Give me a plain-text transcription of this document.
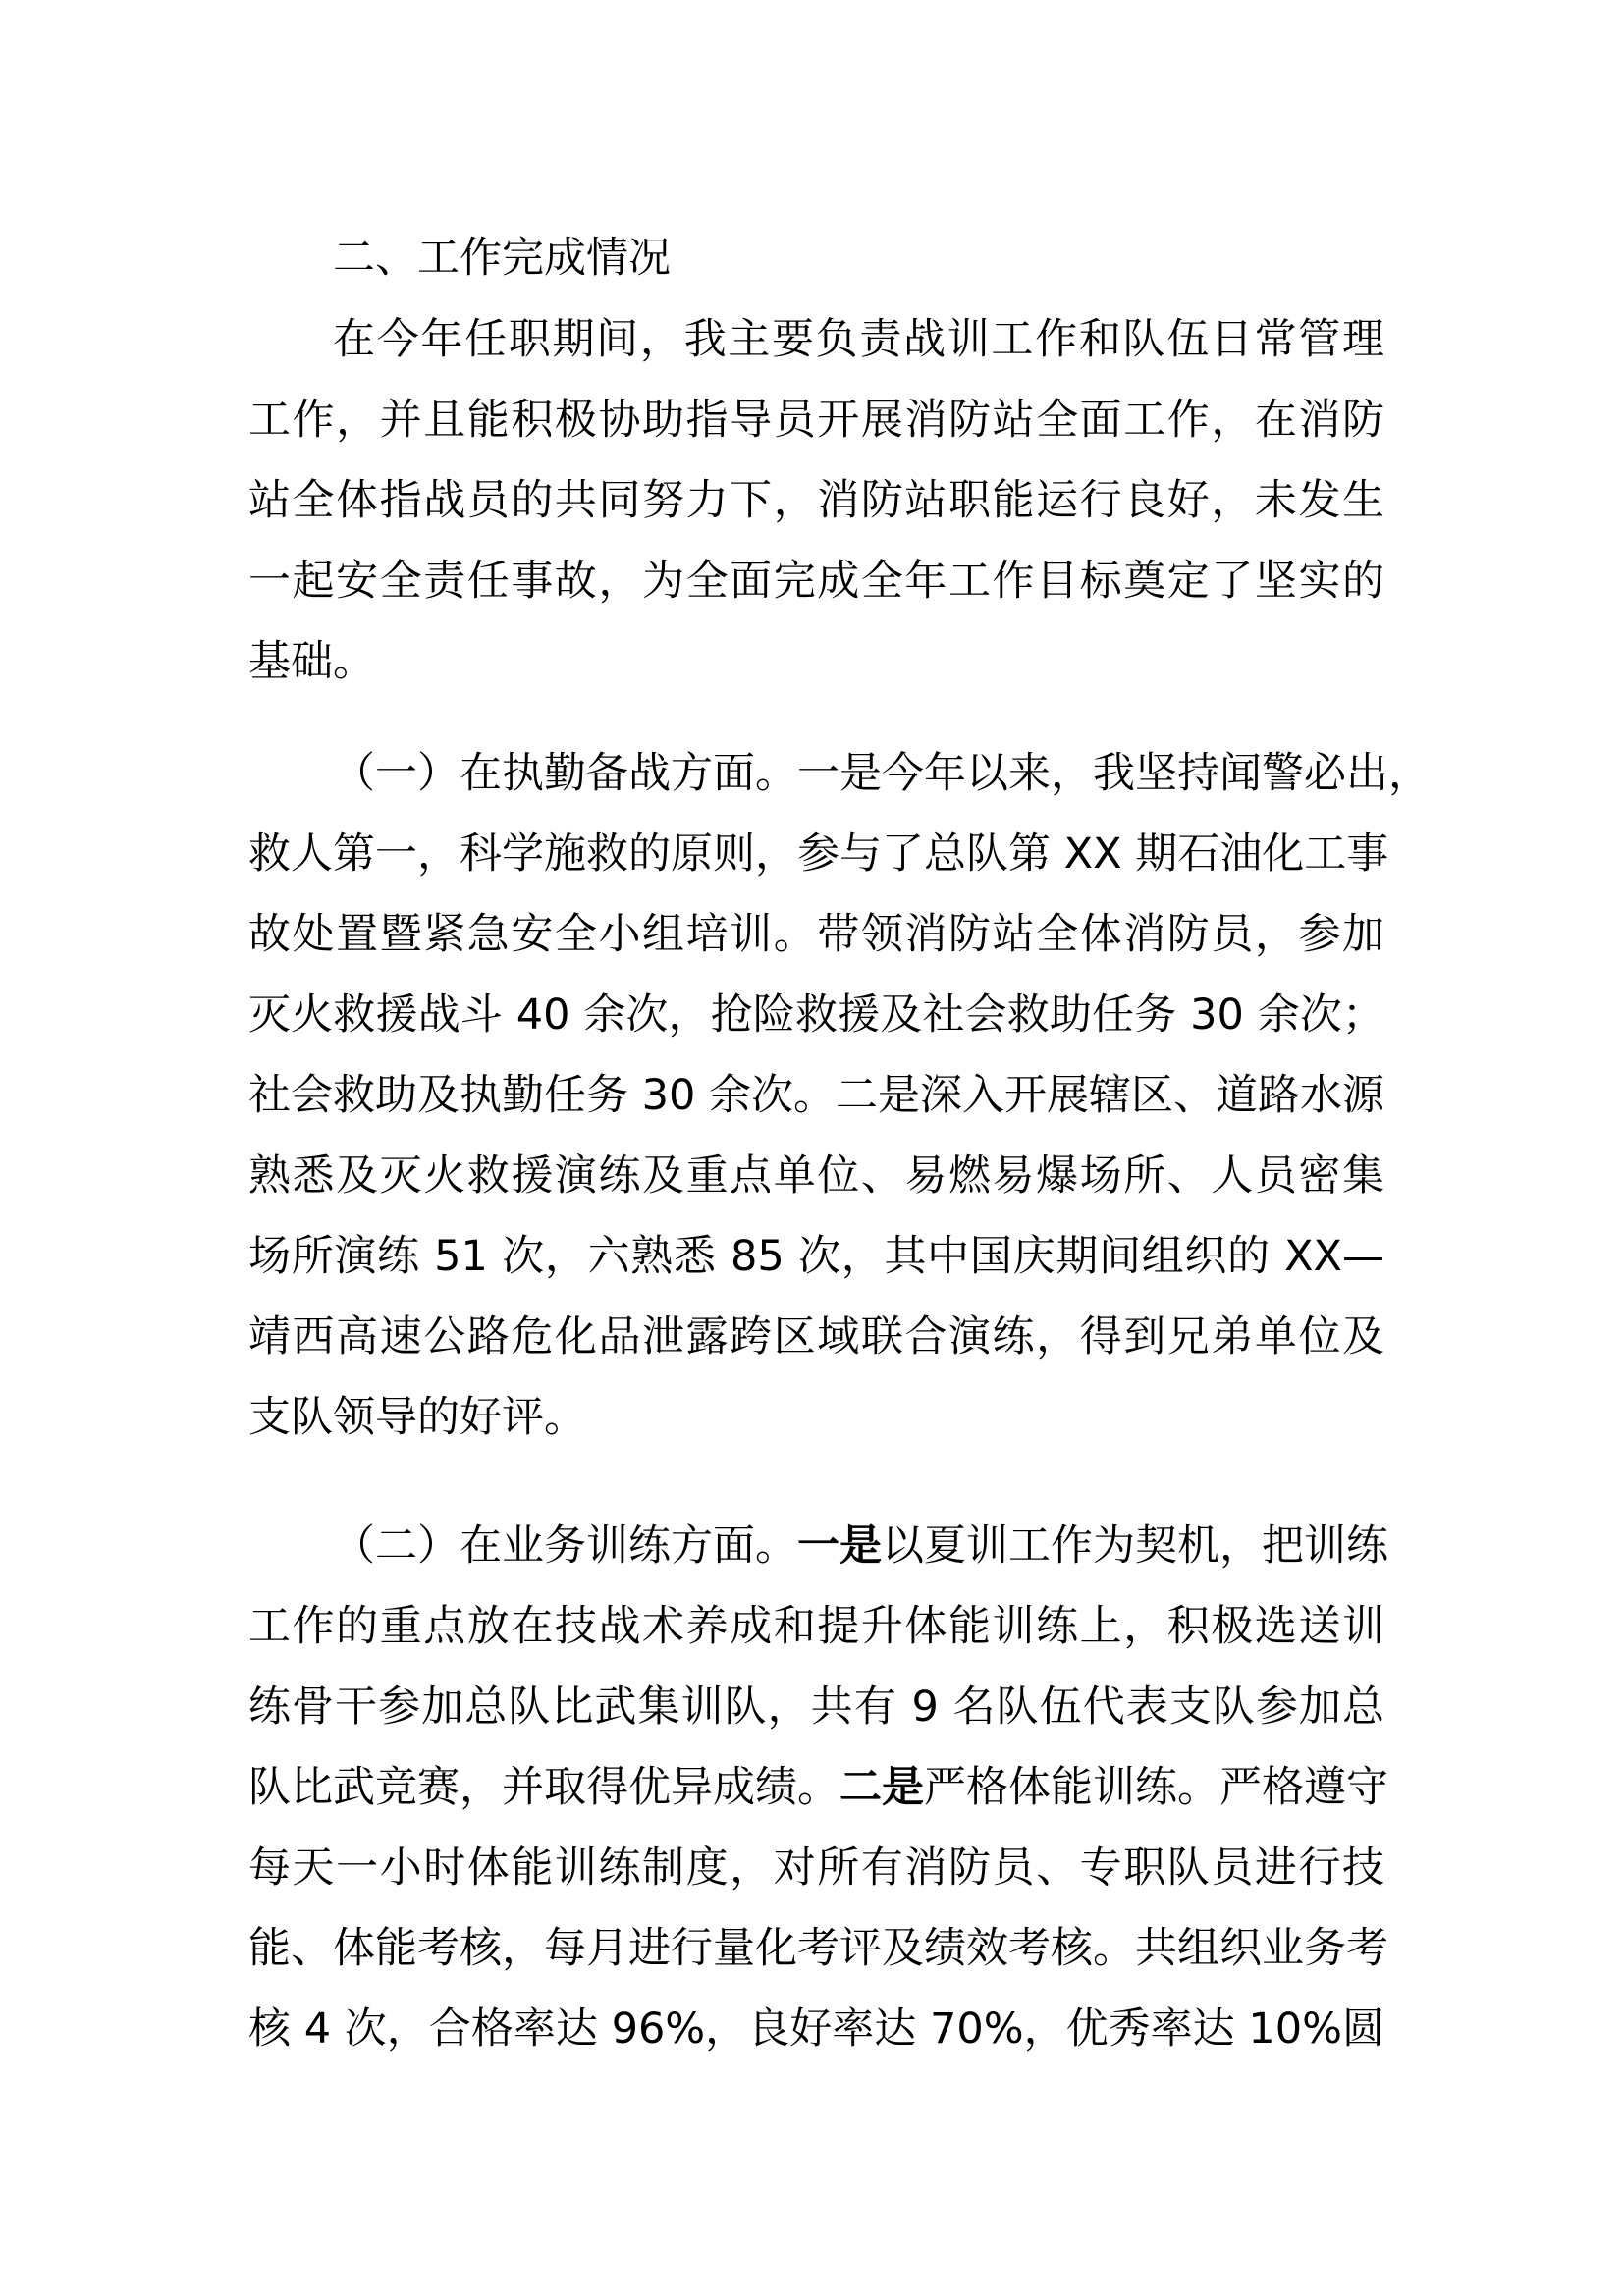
二、工作完成情况
在今年任职期间，我主要负责战训工作和队伍日常管理
工作，并且能积极协助指导员开展消防站全面工作，在消防
站全体指战员的共同努力下，消防站职能运行良好，未发生
一起安全责任事故，为全面完成全年工作目标奠定了坚实的
基础。
（一）在执勤备战方面。一是今年以来，我坚持闻警必出，
救人第一，科学施救的原则，参与了总队第 XX 期石油化工事
故处置暨紧急安全小组培训。带领消防站全体消防员，参加
灭火救援战斗 40 余次，抢险救援及社会救助任务 30 余次；
社会救助及执勤任务 30 余次。二是深入开展辖区、道路水源
熟悉及灭火救援演练及重点单位、易燃易爆场所、人员密集
场所演练 51 次，六熟悉 85 次，其中国庆期间组织的 XX—
靖西高速公路危化品泄露跨区域联合演练，得到兄弟单位及
支队领导的好评。
（二）在业务训练方面。一是以夏训工作为契机，把训练
工作的重点放在技战术养成和提升体能训练上，积极选送训
练骨干参加总队比武集训队，共有 9 名队伍代表支队参加总
队比武竞赛，并取得优异成绩。二是严格体能训练。严格遵守
每天一小时体能训练制度，对所有消防员、专职队员进行技
能、体能考核，每月进行量化考评及绩效考核。共组织业务考
核 4 次，合格率达 96%，良好率达 70%，优秀率达 10%圆
